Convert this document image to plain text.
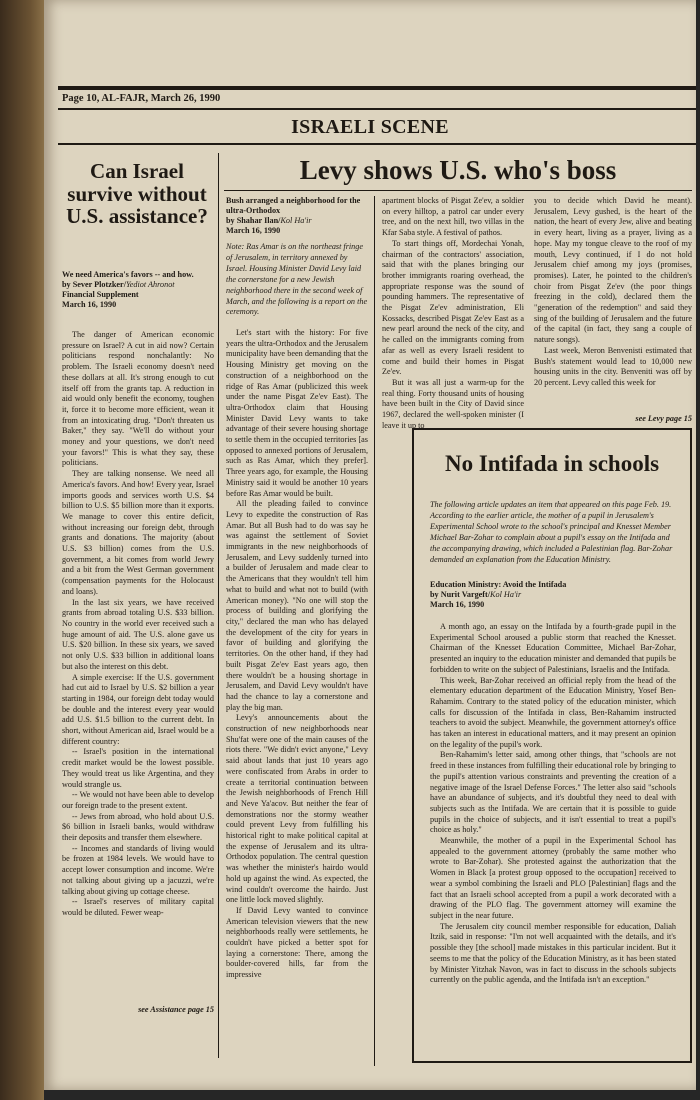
Page 10, AL-FAJR, March 26, 1990
ISRAELI SCENE
Can Israel survive without U.S. assistance?
We need America's favors -- and how.
by Sever Plotzker/Yediot Ahronot
Financial Supplement
March 16, 1990

The danger of American economic pressure on Israel? A cut in aid now? Certain politicians respond nonchalantly: No problem. The Israeli economy doesn't need these dollars at all. It's strong enough to cut itself off from the grants tap. A reduction in aid would only benefit the economy, toughen it, force it to become more efficient, wean it from an intoxicating drug. "Don't threaten us Baker," they say. "We'll do without your money and your questions, we don't need your favors!" This is what they say, these politicians.

They are talking nonsense. We need all America's favors. And how! Every year, Israel imports goods and services worth U.S. $4 billion to U.S. $5 billion more than it exports. We manage to cover this entire deficit, without increasing our foreign debt, through grants and donations. The majority (about U.S. $3 billion) comes from the U.S. government, a bit comes from world Jewry and a bit from the West German government (compensation payments for the Holocaust and loans).

In the last six years, we have received grants from abroad totaling U.S. $33 billion. No country in the world ever received such a huge amount of aid. The U.S. alone gave us U.S. $20 billion. In these six years, we saved not only U.S. $33 billion in additional loans but also the interest on this debt.

A simple exercise: If the U.S. government had cut aid to Israel by U.S. $2 billion a year starting in 1984, our foreign debt today would be double and the interest every year would add U.S. $1.5 billion to the current debt. In short, without American aid, Israel would be a different country:

-- Israel's position in the international credit market would be the lowest possible. They would treat us like Argentina, and they would strangle us.

-- We would not have been able to develop our foreign trade to the present extent.

-- Jews from abroad, who hold about U.S. $6 billion in Israeli banks, would withdraw their deposits and transfer them elsewhere.

-- Incomes and standards of living would be frozen at 1984 levels. We would have to accept lower consumption and income. We're not talking about giving up a jacuzzi, we're talking about giving up cottage cheese.

-- Israel's reserves of military capital would be diluted. Fewer weap-

see Assistance page 15
Levy shows U.S. who's boss
Bush arranged a neighborhood for the ultra-Orthodox
by Shahar Ilan/Kol Ha'ir
March 16, 1990
Note: Ras Amar is on the northeast fringe of Jerusalem, in territory annexed by Israel. Housing Minister David Levy laid the cornerstone for a new Jewish neighborhood there in the second week of March, and the following is a report on the ceremony.

Let's start with the history: For five years the ultra-Orthodox and the Jerusalem municipality have been demanding that the Housing Ministry get moving on the construction of a neighborhood on the ridge of Ras Amar (publicized this week under the name Pisgat Ze'ev East). The ultra-Orthodox claim that Housing Minister David Levy wants to take advantage of their severe housing shortage to settle them in the occupied territories [as opposed to annexed portions of Jerusalem, such as Ras Amar, which they prefer]. Three years ago, for example, the Housing Ministry said it would be another 10 years before Ras Amar would be built.

All the pleading failed to convince Levy to expedite the construction of Ras Amar. But all Bush had to do was say he was against the settlement of Soviet immigrants in the new neighborhoods of Jerusalem, and Levy suddenly turned into a builder of Jerusalem and made clear to the Americans that they wouldn't tell him what to build and what not to build (with American money). "No one will stop the process of building and glorifying the city," declared the man who has delayed the development of the city for years in favor of building and glorifying the territories. On the other hand, if they had built Pisgat Ze'ev East years ago, then there wouldn't be a housing shortage in Jerusalem, and David Levy wouldn't have had the chance to lay a cornerstone and play the big man.

Levy's announcements about the construction of new neighborhoods near Shu'fat were one of the main causes of the riots there. "We didn't evict anyone," Levy said about lands that just 10 years ago were confiscated from Arabs in order to create a territorial continuation between the Jewish neighborhoods of French Hill and Neve Ya'acov. But neither the fear of demonstrations nor the stormy weather could prevent Levy from fulfilling his historical right to make political capital at the expense of Jerusalem and its ultra-Orthodox population. The central question was whether the minister's hairdo would hold up against the wind. As expected, the wind couldn't overcome the hairdo. Just one little lock moved slightly.

If David Levy wanted to convince American television viewers that the new neighborhoods really were settlements, he couldn't have picked a better spot for laying a cornerstone: There, among the boulder-covered hills, far from the impressive

apartment blocks of Pisgat Ze'ev, a soldier on every hilltop, a patrol car under every tree, and on the next hill, two villas in the Kfar Saba style. A festival of pathos.

To start things off, Mordechai Yonah, chairman of the contractors' association, said that with the planes bringing our brother immigrants roaring overhead, the appropriate response was the sound of pounding hammers. The representative of the Pisgat Ze'ev administration, Eli Kossacks, described Pisgat Ze'ev East as a new pearl around the neck of the city, and he called on the immigrants coming from afar as well as every Israeli resident to come and build their homes in Pisgat Ze'ev.

But it was all just a warm-up for the real thing. Forty thousand units of housing have been built in the City of David since 1967, declared the well-spoken minister (I leave it up to

you to decide which David he meant). Jerusalem, Levy gushed, is the heart of the nation, the heart of every Jew, alive and beating in every heart, living as a prayer, living as a hope. May my tongue cleave to the roof of my mouth, Levy continued, if I do not hold Jerusalem chief among my joys (promises, promises). Later, he pointed to the children's choir from Pisgat Ze'ev (the poor things freezing in the cold), declared them the "generation of the redemption" and said they sing of the building of Jerusalem and the future of the capital (in fact, they sang a couple of nature songs).

Last week, Meron Benvenisti estimated that Bush's statement would lead to 10,000 new housing units in the city. Benveniti was off by 20 percent. Levy called this week for

see Levy page 15
No Intifada in schools
The following article updates an item that appeared on this page Feb. 19. According to the earlier article, the mother of a pupil in Jerusalem's Experimental School wrote to the school's principal and Knesset Member Michael Bar-Zohar to complain about a pupil's essay on the Intifada and the accompanying drawing, which included a Palestinian flag. Bar-Zohar demanded an explanation from the Education Ministry.
Education Ministry: Avoid the Intifada
by Nurit Vargeft/Kol Ha'ir
March 16, 1990

A month ago, an essay on the Intifada by a fourth-grade pupil in the Experimental School aroused a public storm that reached the Knesset. Chairman of the Knesset Education Committee, Michael Bar-Zohar, presented an inquiry to the education minister and demanded that pupils be forbidden to write on the subject of Palestinians, Israelis and the Intifada.

This week, Bar-Zohar received an official reply from the head of the elementary education department of the Education Ministry, Yosef Ben-Rahamim. Contrary to the stated policy of the education minister, which calls for discussion of the Intifada in class, Ben-Rahamim instructed teachers to avoid the subject. Meanwhile, the government attorney's office has taken an interest in educational matters, and it may present an opinion on the legality of the pupil's work.

Ben-Rahamim's letter said, among other things, that "schools are not freed in these instances from fulfilling their educational role by bringing to the pupil's attention various constraints and preventing the creation of a negative image of the Israel Defense Forces." The letter also said "schools have an abundance of subjects, and it's doubtful they need to deal with subjects such as the Intifada. We are certain that it is possible to guide pupils in the choice of subjects, and it isn't essential to treat a pupil's choice as holy."

Meanwhile, the mother of a pupil in the Experimental School has appealed to the government attorney (probably the same mother who wrote to Bar-Zohar). She protested against the authorization that the Women in Black [a protest group opposed to the occupation] received to wear a symbol combining the Israeli and PLO [Palestinian] flags and the fact that an Israeli school accepted from a pupil a work decorated with a drawing of the PLO flag. The government attorney will examine the subject in the near future.

The Jerusalem city council member responsible for education, Daliah Itzik, said in response: "I'm not well acquainted with the details, and it's possible they [the school] made mistakes in this particular incident. But it seems to me that the policy of the Education Ministry, as it has been stated by Minister Yitzhak Navon, was in fact to discuss in the schools subjects currently on the public agenda, and the Intifada isn't an exception."
